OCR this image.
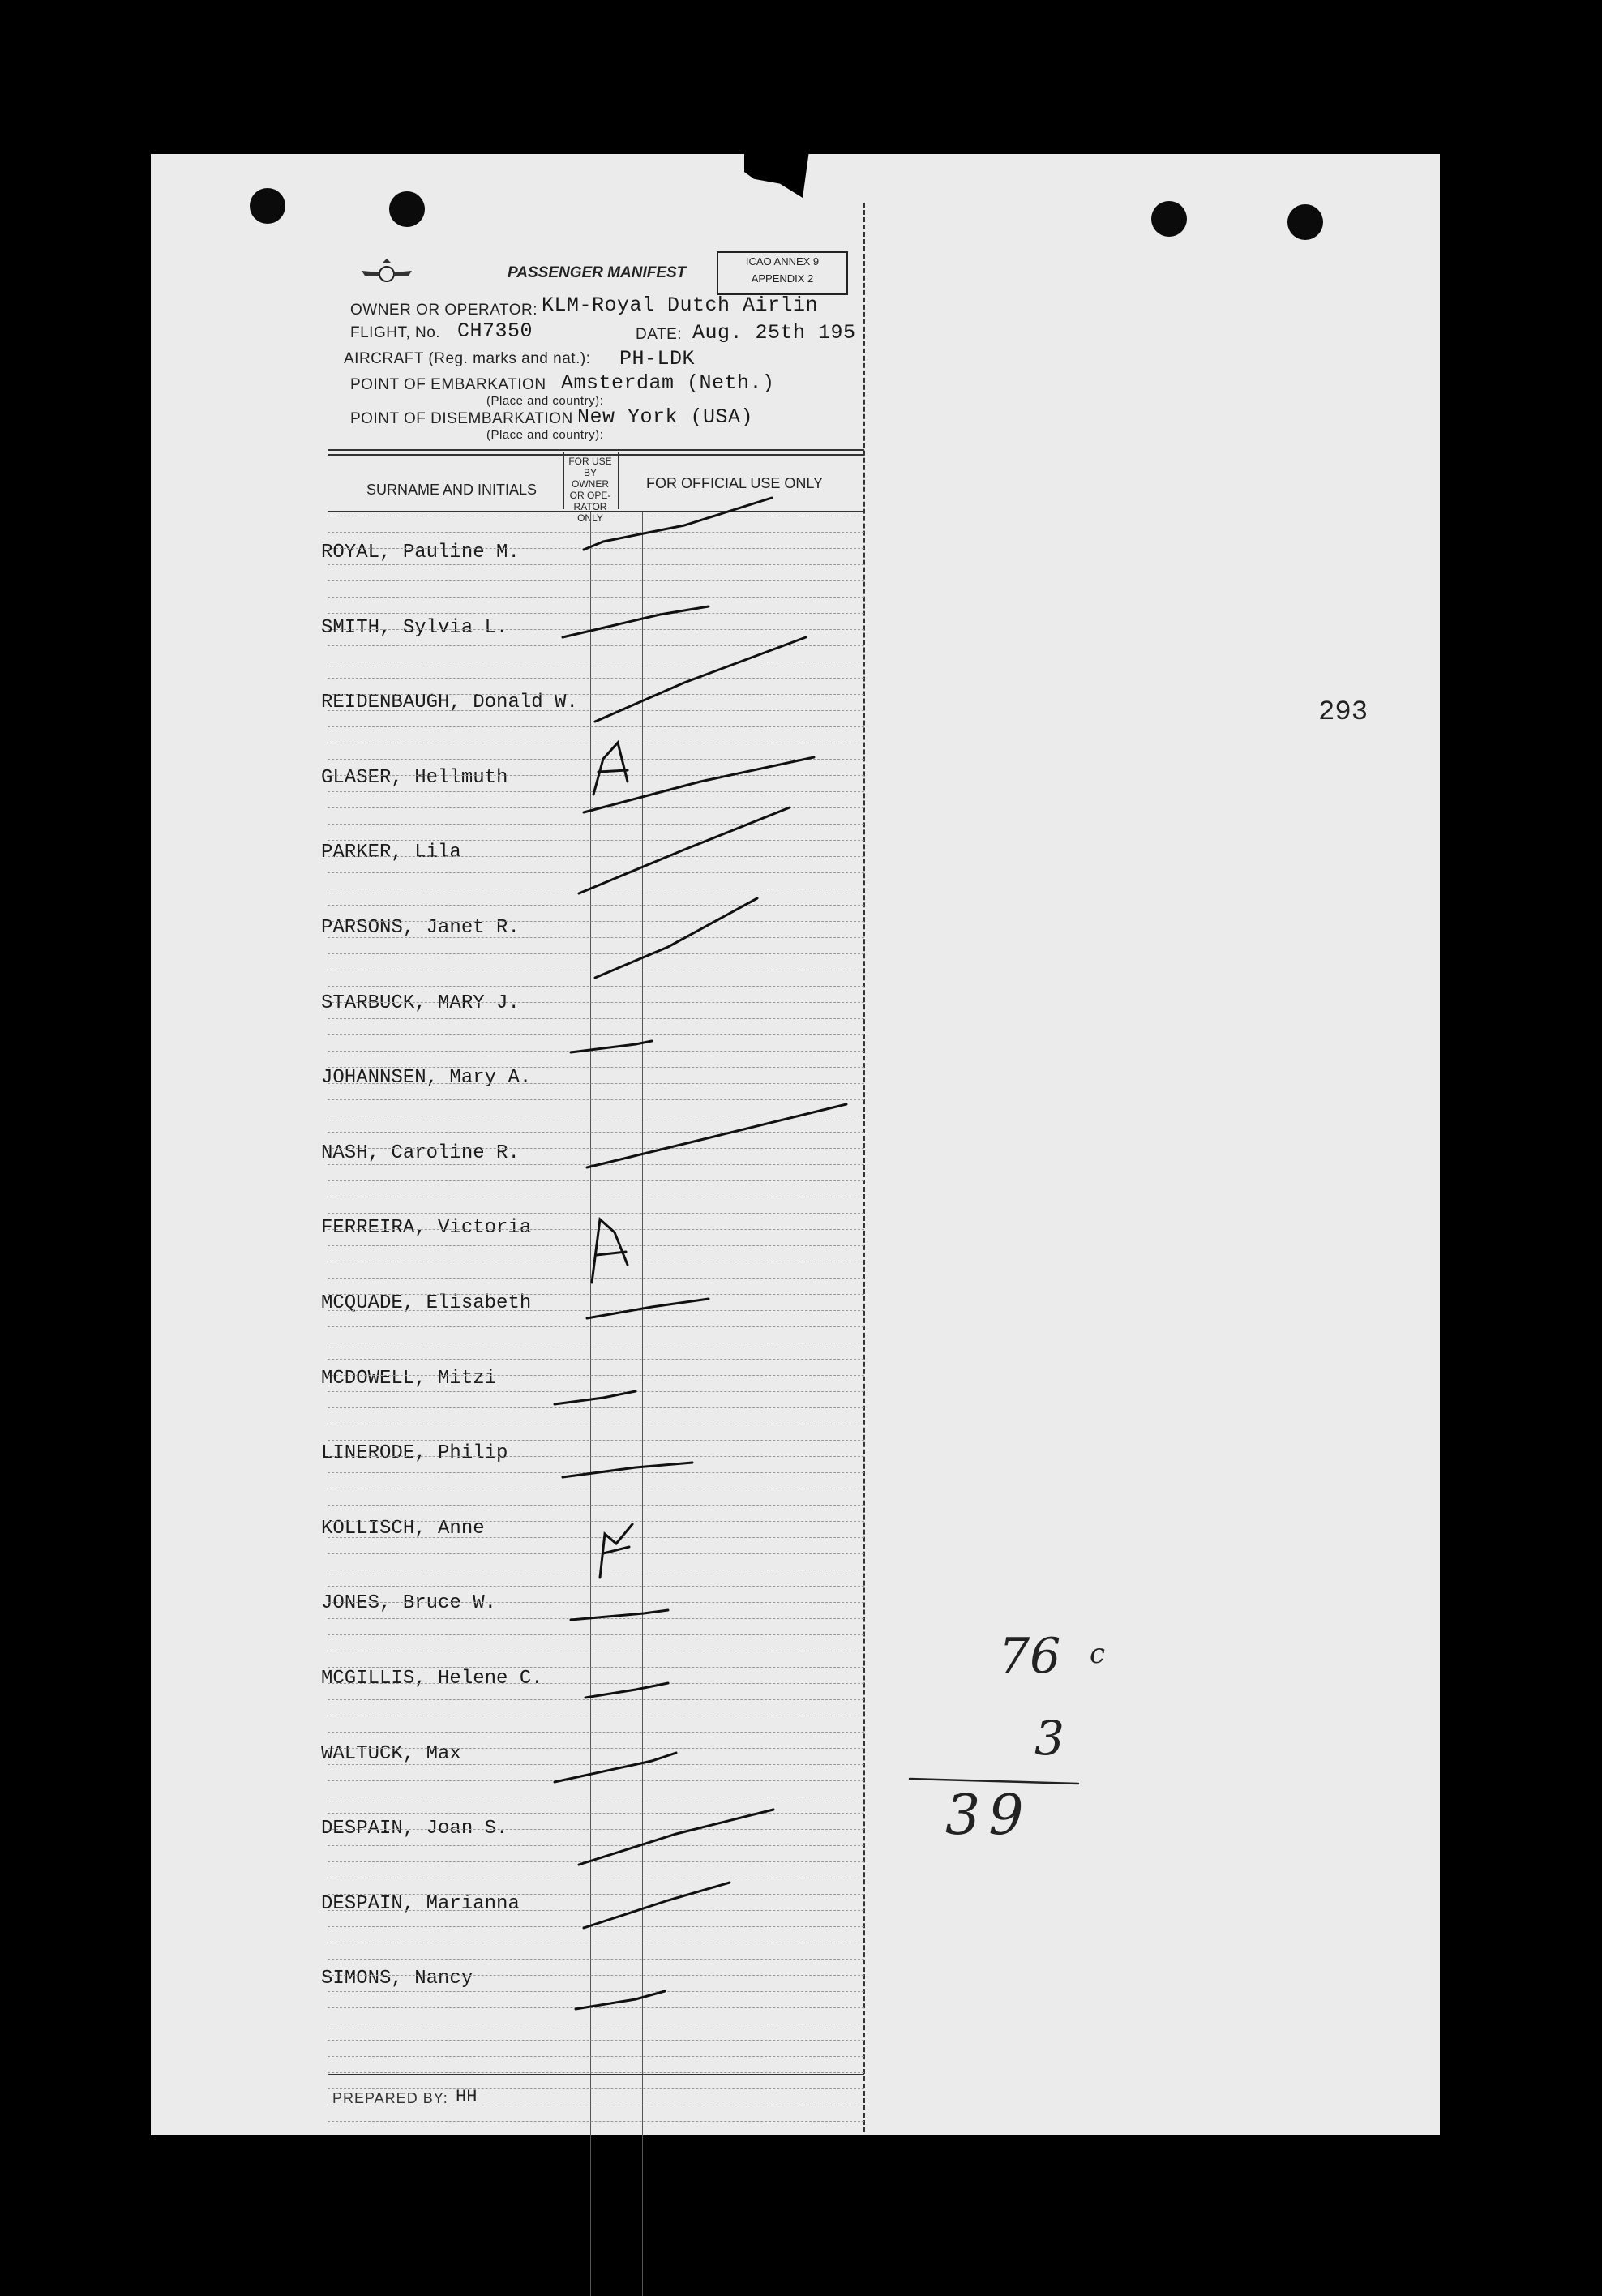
PASSENGER MANIFEST
ICAO ANNEX 9
APPENDIX 2
OWNER OR OPERATOR: KLM-Royal Dutch Airlin
FLIGHT, No. CH7350	DATE: Aug. 25th 195
AIRCRAFT (Reg. marks and nat.): PH-LDK
POINT OF EMBARKATION Amsterdam (Neth.)
(Place and country):
POINT OF DISEMBARKATION New York (USA)
(Place and country):
SURNAME AND INITIALS
FOR USE BY OWNER OR OPE-RATOR ONLY
FOR OFFICIAL USE ONLY
ROYAL, Pauline M.
SMITH, Sylvia L.
REIDENBAUGH, Donald W.
GLASER, Hellmuth
PARKER, Lila
PARSONS, Janet R.
STARBUCK, MARY J.
JOHANNSEN, Mary A.
NASH, Caroline R.
FERREIRA, Victoria
MCQUADE, Elisabeth
MCDOWELL, Mitzi
LINERODE, Philip
KOLLISCH, Anne
JONES, Bruce W.
MCGILLIS, Helene C.
WALTUCK, Max
DESPAIN, Joan S.
DESPAIN, Marianna
SIMONS, Nancy
293
76 c
3
39
PREPARED BY: HH
